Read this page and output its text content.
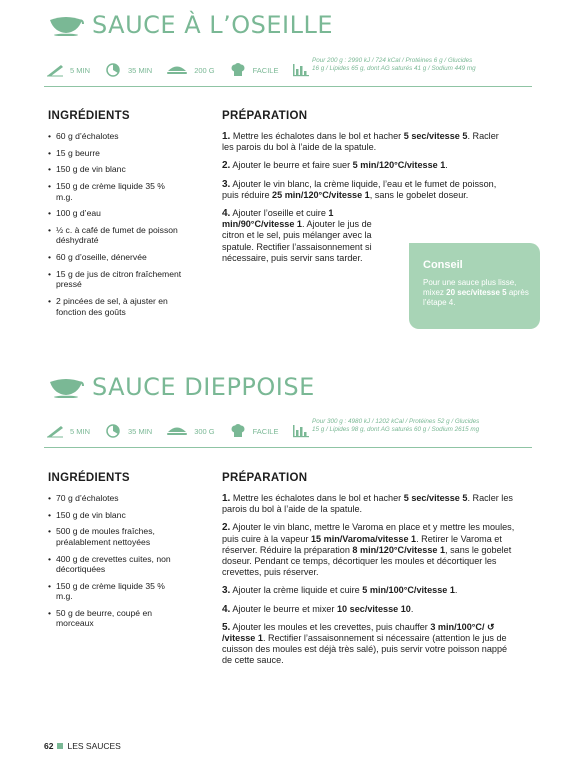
SAUCE À L’OSEILLE
5 MIN	35 MIN	200 G	FACILE
Pour 200 g : 2990 kJ / 724 kCal / Protéines 6 g / Glucides
16 g / Lipides 65 g, dont AG saturés 41 g / Sodium 449 mg
INGRÉDIENTS
• 60 g d’échalotes
• 15 g beurre
• 150 g de vin blanc
• 150 g de crème liquide 35 % m.g.
• 100 g d’eau
• ½ c. à café de fumet de poisson déshydraté
• 60 g d’oseille, dénervée
• 15 g de jus de citron fraîchement pressé
• 2 pincées de sel, à ajuster en fonction des goûts
PRÉPARATION
1. Mettre les échalotes dans le bol et hacher 5 sec/vitesse 5. Racler les parois du bol à l’aide de la spatule.
2. Ajouter le beurre et faire suer 5 min/120°C/vitesse 1.
3. Ajouter le vin blanc, la crème liquide, l’eau et le fumet de poisson, puis réduire 25 min/120°C/vitesse 1, sans le gobelet doseur.
4. Ajouter l’oseille et cuire 1 min/90°C/vitesse 1. Ajouter le jus de citron et le sel, puis mélanger avec la spatule. Rectifier l’assaisonnement si nécessaire, puis servir sans tarder.
Conseil
Pour une sauce plus lisse, mixez 20 sec/vitesse 5 après l’étape 4.
SAUCE DIEPPOISE
5 MIN	35 MIN	300 G	FACILE
Pour 300 g : 4980 kJ / 1202 kCal / Protéines 52 g / Glucides
15 g / Lipides 98 g, dont AG saturés 60 g / Sodium 2615 mg
INGRÉDIENTS
• 70 g d’échalotes
• 150 g de vin blanc
• 500 g de moules fraîches, préalablement nettoyées
• 400 g de crevettes cuites, non décortiquées
• 150 g de crème liquide 35 % m.g.
• 50 g de beurre, coupé en morceaux
PRÉPARATION
1. Mettre les échalotes dans le bol et hacher 5 sec/vitesse 5. Racler les parois du bol à l’aide de la spatule.
2. Ajouter le vin blanc, mettre le Varoma en place et y mettre les moules, puis cuire à la vapeur 15 min/Varoma/vitesse 1. Retirer le Varoma et réserver. Réduire la préparation 8 min/120°C/vitesse 1, sans le gobelet doseur. Pendant ce temps, décortiquer les moules et décortiquer les crevettes, puis réserver.
3. Ajouter la crème liquide et cuire 5 min/100°C/vitesse 1.
4. Ajouter le beurre et mixer 10 sec/vitesse 10.
5. Ajouter les moules et les crevettes, puis chauffer 3 min/100°C/ ↺ /vitesse 1. Rectifier l’assaisonnement si nécessaire (attention le jus de cuisson des moules est déjà très salé), puis servir votre poisson nappé de cette sauce.
62 LES SAUCES
